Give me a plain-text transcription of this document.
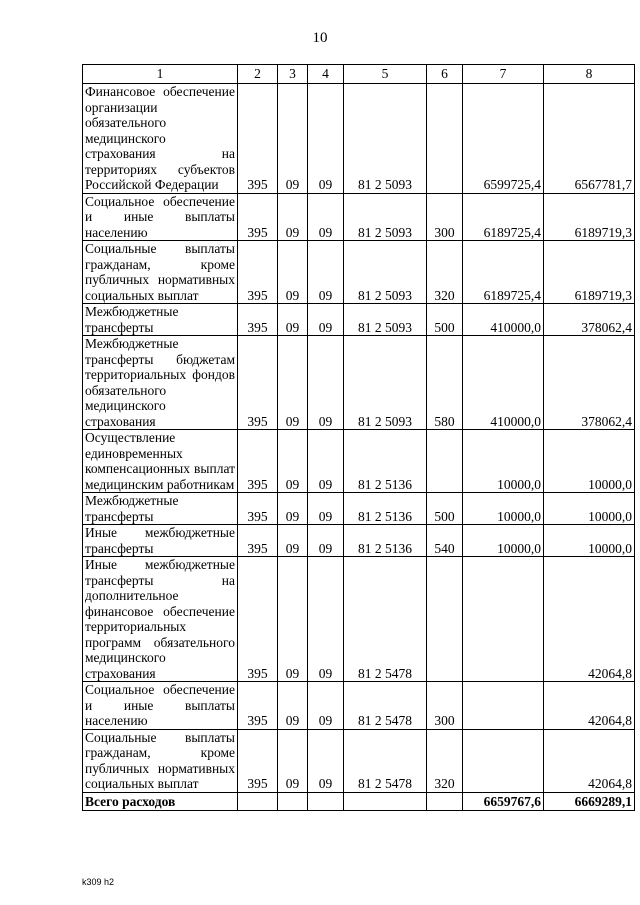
10
1	2	3	4	5	6	7	8
Финансовое обеспечение организации обязательного медицинского страхования на территориях субъектов Российской Федерации	395	09	09	81 2 5093		6599725,4	6567781,7
Социальное обеспечение и иные выплаты населению	395	09	09	81 2 5093	300	6189725,4	6189719,3
Социальные выплаты гражданам, кроме публичных нормативных социальных выплат	395	09	09	81 2 5093	320	6189725,4	6189719,3
Межбюджетные трансферты	395	09	09	81 2 5093	500	410000,0	378062,4
Межбюджетные трансферты бюджетам территориальных фондов обязательного медицинского страхования	395	09	09	81 2 5093	580	410000,0	378062,4
Осуществление единовременных компенсационных выплат медицинским работникам	395	09	09	81 2 5136		10000,0	10000,0
Межбюджетные трансферты	395	09	09	81 2 5136	500	10000,0	10000,0
Иные межбюджетные трансферты	395	09	09	81 2 5136	540	10000,0	10000,0
Иные межбюджетные трансферты на дополнительное финансовое обеспечение территориальных программ обязательного медицинского страхования	395	09	09	81 2 5478			42064,8
Социальное обеспечение и иные выплаты населению	395	09	09	81 2 5478	300		42064,8
Социальные выплаты гражданам, кроме публичных нормативных социальных выплат	395	09	09	81 2 5478	320		42064,8
Всего расходов						6659767,6	6669289,1
k309 h2
